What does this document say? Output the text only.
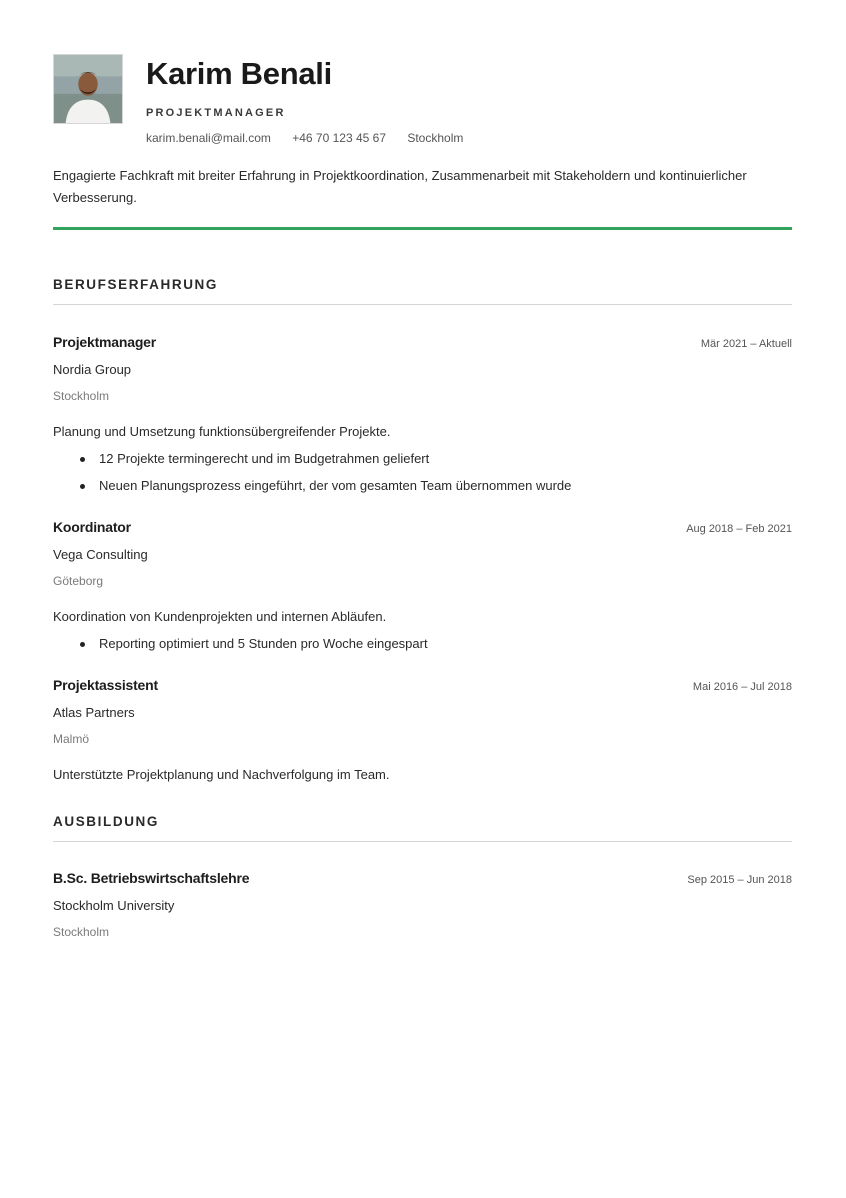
Karim Benali
PROJEKTMANAGER
karim.benali@mail.com +46 70 123 45 67 Stockholm
Engagierte Fachkraft mit breiter Erfahrung in Projektkoordination, Zusammenarbeit mit Stakeholdern und kontinuierlicher Verbesserung.
BERUFSERFAHRUNG
Projektmanager	Mär 2021 – Aktuell
Nordia Group
Stockholm
Planung und Umsetzung funktionsübergreifender Projekte.
12 Projekte termingerecht und im Budgetrahmen geliefert
Neuen Planungsprozess eingeführt, der vom gesamten Team übernommen wurde
Koordinator	Aug 2018 – Feb 2021
Vega Consulting
Göteborg
Koordination von Kundenprojekten und internen Abläufen.
Reporting optimiert und 5 Stunden pro Woche eingespart
Projektassistent	Mai 2016 – Jul 2018
Atlas Partners
Malmö
Unterstützte Projektplanung und Nachverfolgung im Team.
AUSBILDUNG
B.Sc. Betriebswirtschaftslehre	Sep 2015 – Jun 2018
Stockholm University
Stockholm
